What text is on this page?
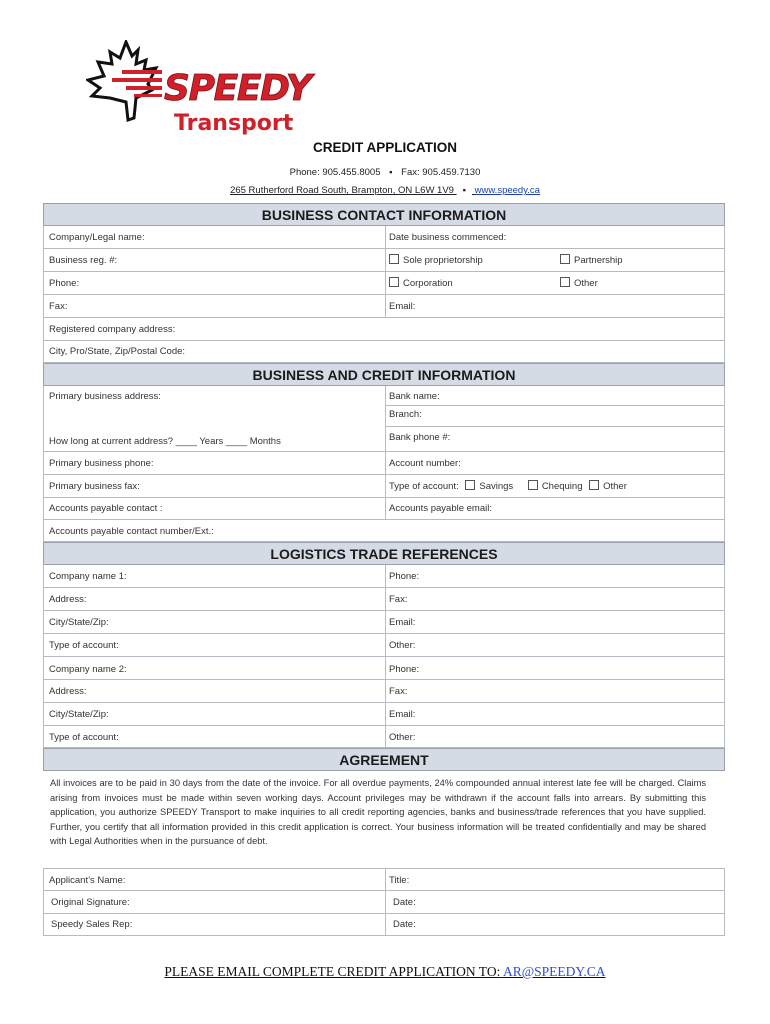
SPEEDY
Transport
CREDIT APPLICATION
Phone: 905.455.8005 ▪ Fax: 905.459.7130
265 Rutherford Road South, Brampton, ON L6W 1V9 ▪ www.speedy.ca
BUSINESS CONTACT INFORMATION
Company/Legal name:	Date business commenced:
Business reg. #:	Sole proprietorship	Partnership
Phone:	Corporation	Other
Fax:	Email:
Registered company address:
City, Pro/State, Zip/Postal Code:
BUSINESS AND CREDIT INFORMATION
Primary business address:	Bank name:
Branch:
How long at current address? ____ Years ____ Months	Bank phone #:
Primary business phone:	Account number:
Primary business fax:	Type of account: Savings	Chequing Other
Accounts payable contact :	Accounts payable email:
Accounts payable contact number/Ext.:
LOGISTICS TRADE REFERENCES
Company name 1:	Phone:
Address:	Fax:
City/State/Zip:	Email:
Type of account:	Other:
Company name 2:	Phone:
Address:	Fax:
City/State/Zip:	Email:
Type of account:	Other:
AGREEMENT
All invoices are to be paid in 30 days from the date of the invoice. For all overdue payments, 24% compounded annual interest late fee will be charged. Claims arising from invoices must be made within seven working days. Account privileges may be withdrawn if the account falls into arrears. By submitting this application, you authorize SPEEDY Transport to make inquiries to all credit reporting agencies, banks and business/trade references that you have supplied. Further, you certify that all information provided in this credit application is correct. Your business information will be treated confidentially and may be shared with Legal Authorities when in the pursuance of debt.
Applicant’s Name:	Title:
Original Signature:	Date:
Speedy Sales Rep:	Date:
PLEASE EMAIL COMPLETE CREDIT APPLICATION TO: AR@SPEEDY.CA
